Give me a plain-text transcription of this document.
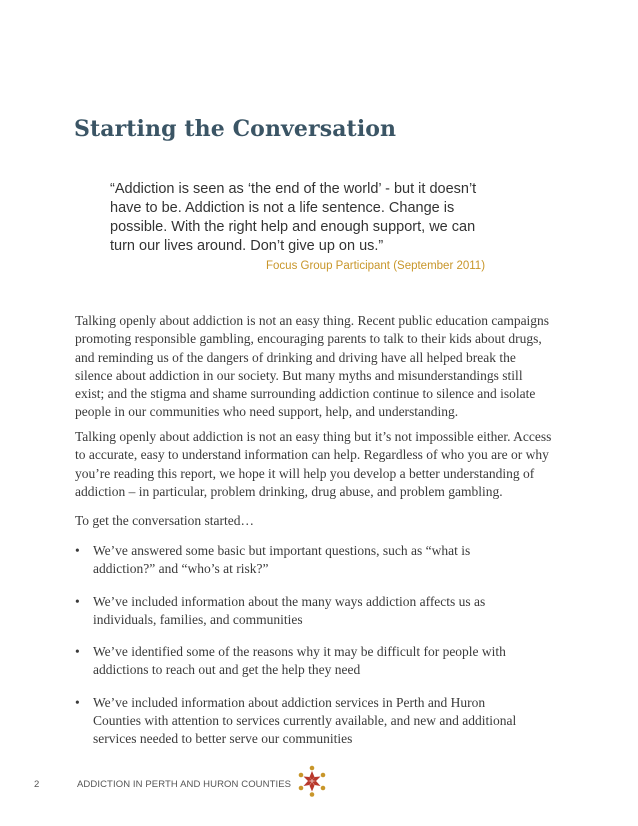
Starting the Conversation
“Addiction is seen as ‘the end of the world’ - but it doesn’t
have to be. Addiction is not a life sentence. Change is
possible. With the right help and enough support, we can
turn our lives around. Don’t give up on us.”
Focus Group Participant (September 2011)
Talking openly about addiction is not an easy thing. Recent public education campaigns
promoting responsible gambling, encouraging parents to talk to their kids about drugs,
and reminding us of the dangers of drinking and driving have all helped break the
silence about addiction in our society. But many myths and misunderstandings still
exist; and the stigma and shame surrounding addiction continue to silence and isolate
people in our communities who need support, help, and understanding.
Talking openly about addiction is not an easy thing but it’s not impossible either. Access
to accurate, easy to understand information can help. Regardless of who you are or why
you’re reading this report, we hope it will help you develop a better understanding of
addiction – in particular, problem drinking, drug abuse, and problem gambling.
To get the conversation started…
• We’ve answered some basic but important questions, such as “what is
addiction?” and “who’s at risk?”
• We’ve included information about the many ways addiction affects us as
individuals, families, and communities
• We’ve identified some of the reasons why it may be difficult for people with
addictions to reach out and get the help they need
• We’ve included information about addiction services in Perth and Huron
Counties with attention to services currently available, and new and additional
services needed to better serve our communities
2	ADDICTION IN PERTH AND HURON COUNTIES
